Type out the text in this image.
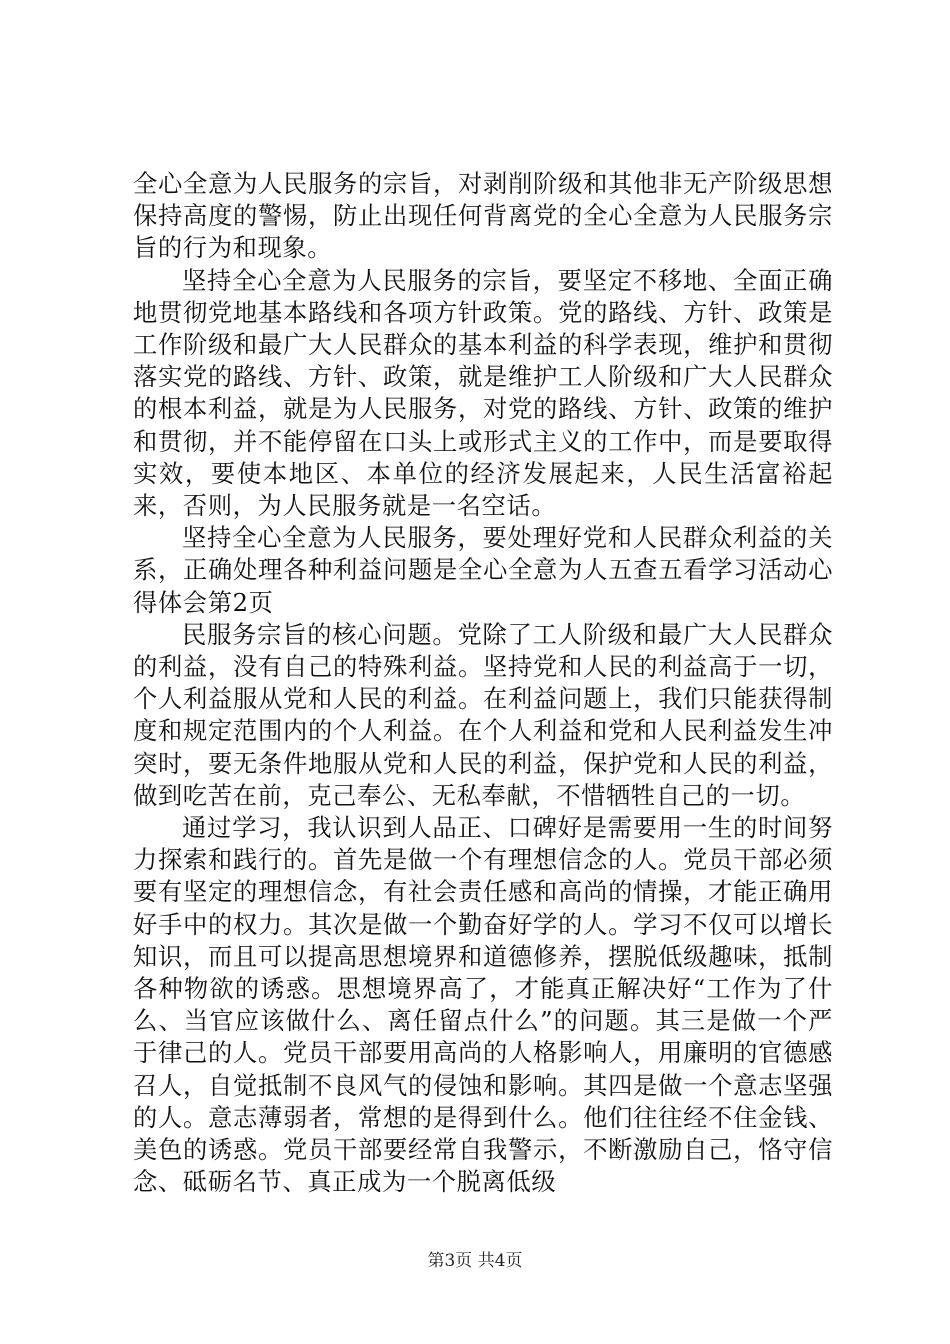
全心全意为人民服务的宗旨，对剥削阶级和其他非无产阶级思想保持高度的警惕，防止出现任何背离党的全心全意为人民服务宗旨的行为和现象。

坚持全心全意为人民服务的宗旨，要坚定不移地、全面正确地贯彻党地基本路线和各项方针政策。党的路线、方针、政策是工作阶级和最广大人民群众的基本利益的科学表现，维护和贯彻落实党的路线、方针、政策，就是维护工人阶级和广大人民群众的根本利益，就是为人民服务，对党的路线、方针、政策的维护和贯彻，并不能停留在口头上或形式主义的工作中，而是要取得实效，要使本地区、本单位的经济发展起来，人民生活富裕起来，否则，为人民服务就是一名空话。

坚持全心全意为人民服务，要处理好党和人民群众利益的关系，正确处理各种利益问题是全心全意为人五查五看学习活动心得体会第2页

民服务宗旨的核心问题。党除了工人阶级和最广大人民群众的利益，没有自己的特殊利益。坚持党和人民的利益高于一切，个人利益服从党和人民的利益。在利益问题上，我们只能获得制度和规定范围内的个人利益。在个人利益和党和人民利益发生冲突时，要无条件地服从党和人民的利益，保护党和人民的利益，做到吃苦在前，克己奉公、无私奉献，不惜牺牲自己的一切。

通过学习，我认识到人品正、口碑好是需要用一生的时间努力探索和践行的。首先是做一个有理想信念的人。党员干部必须要有坚定的理想信念，有社会责任感和高尚的情操，才能正确用好手中的权力。其次是做一个勤奋好学的人。学习不仅可以增长知识，而且可以提高思想境界和道德修养，摆脱低级趣味，抵制各种物欲的诱惑。思想境界高了，才能真正解决好“工作为了什么、当官应该做什么、离任留点什么”的问题。其三是做一个严于律己的人。党员干部要用高尚的人格影响人，用廉明的官德感召人，自觉抵制不良风气的侵蚀和影响。其四是做一个意志坚强的人。意志薄弱者，常想的是得到什么。他们往往经不住金钱、美色的诱惑。党员干部要经常自我警示，不断激励自己，恪守信念、砥砺名节、真正成为一个脱离低级

第3页 共4页
